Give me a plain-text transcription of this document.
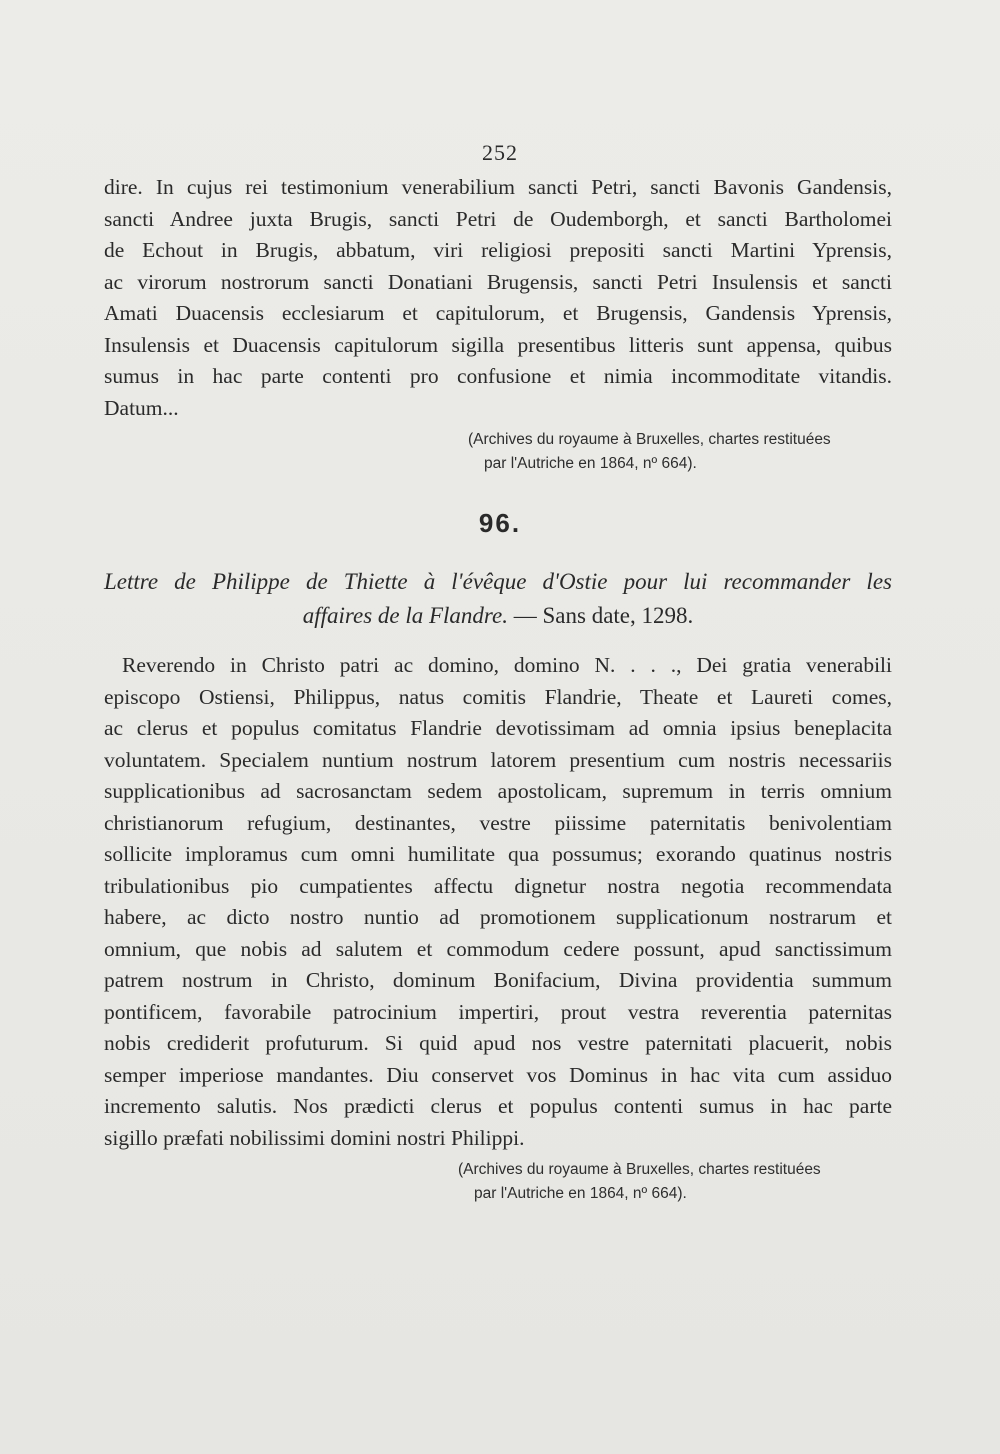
252

dire. In cujus rei testimonium venerabilium sancti Petri, sancti Bavonis Gandensis,
sancti Andree juxta Brugis, sancti Petri de Oudemborgh, et sancti Bartholomei
de Echout in Brugis, abbatum, viri religiosi prepositi sancti Martini Yprensis,
ac virorum nostrorum sancti Donatiani Brugensis, sancti Petri Insulensis et sancti
Amati Duacensis ecclesiarum et capitulorum, et Brugensis, Gandensis Yprensis,
Insulensis et Duacensis capitulorum sigilla presentibus litteris sunt appensa, quibus
sumus in hac parte contenti pro confusione et nimia incommoditate vitandis.
Datum...

(Archives du royaume à Bruxelles, chartes restituées
par l'Autriche en 1864, nº 664).
96.
Lettre de Philippe de Thiette à l'évêque d'Ostie pour lui recommander les
affaires de la Flandre. — Sans date, 1298.

Reverendo in Christo patri ac domino, domino N. . . ., Dei gratia venerabili
episcopo Ostiensi, Philippus, natus comitis Flandrie, Theate et Laureti comes,
ac clerus et populus comitatus Flandrie devotissimam ad omnia ipsius beneplacita
voluntatem. Specialem nuntium nostrum latorem presentium cum nostris necessariis
supplicationibus ad sacrosanctam sedem apostolicam, supremum in terris omnium
christianorum refugium, destinantes, vestre piissime paternitatis benivolentiam
sollicite imploramus cum omni humilitate qua possumus; exorando quatinus nostris
tribulationibus pio cumpatientes affectu dignetur nostra negotia recommendata
habere, ac dicto nostro nuntio ad promotionem supplicationum nostrarum et
omnium, que nobis ad salutem et commodum cedere possunt, apud sanctissimum
patrem nostrum in Christo, dominum Bonifacium, Divina providentia summum
pontificem, favorabile patrocinium impertiri, prout vestra reverentia paternitas
nobis crediderit profuturum. Si quid apud nos vestre paternitati placuerit, nobis
semper imperiose mandantes. Diu conservet vos Dominus in hac vita cum assiduo
incremento salutis. Nos prædicti clerus et populus contenti sumus in hac parte
sigillo præfati nobilissimi domini nostri Philippi.

(Archives du royaume à Bruxelles, chartes restituées
par l'Autriche en 1864, nº 664).
